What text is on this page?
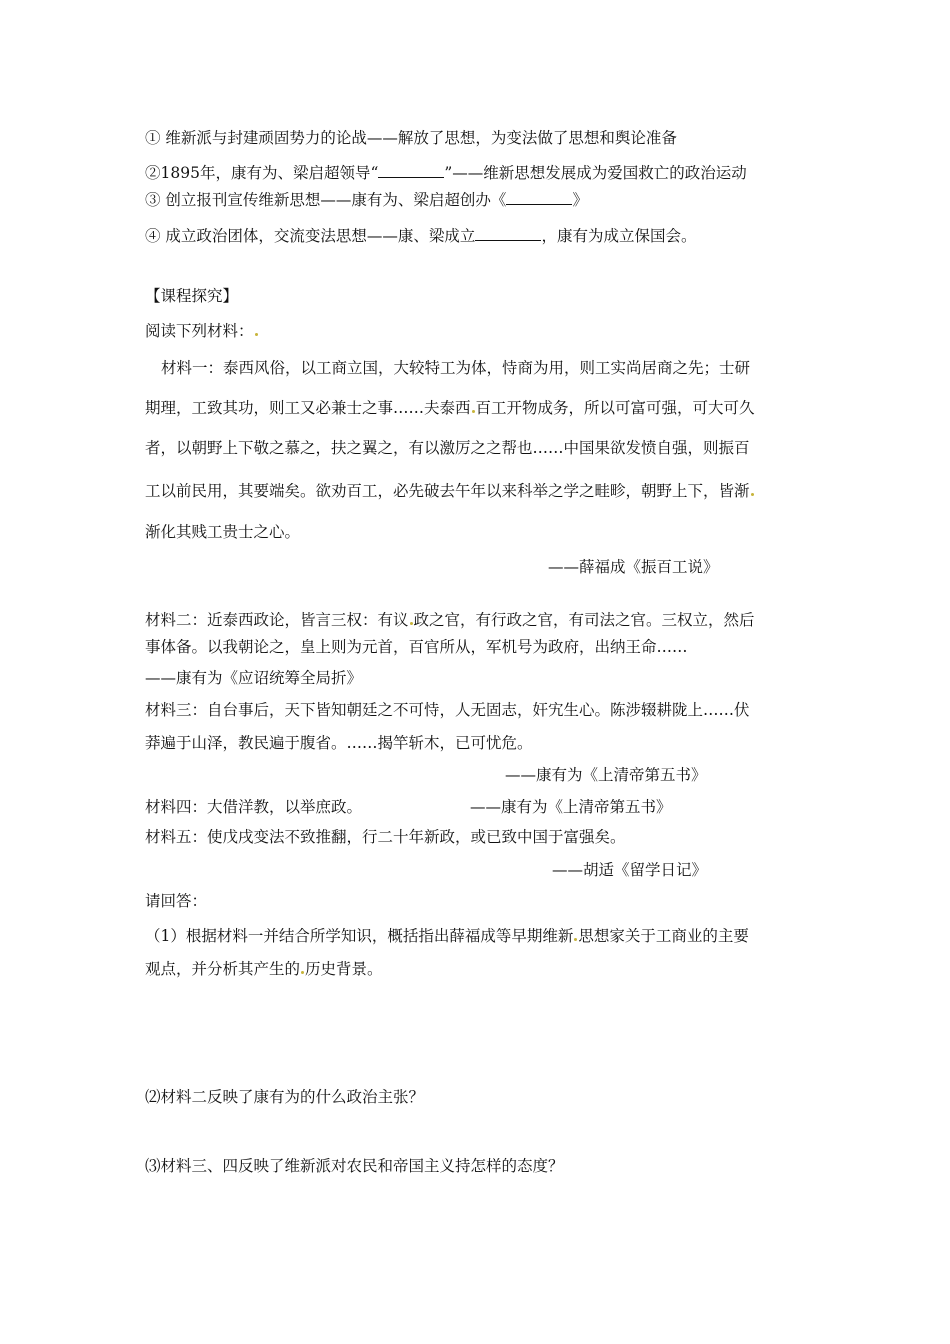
① 维新派与封建顽固势力的论战——解放了思想，为变法做了思想和舆论准备
②1895年，康有为、梁启超领导“	”——维新思想发展成为爱国救亡的政治运动
③ 创立报刊宣传维新思想——康有为、梁启超创办《	》
④ 成立政治团体，交流变法思想——康、梁成立	，康有为成立保国会。
【课程探究】
阅读下列材料：
材料一：泰西风俗，以工商立国，大较特工为体，恃商为用，则工实尚居商之先；士研
期理，工致其功，则工又必兼士之事……夫泰西 百工开物成务，所以可富可强，可大可久
者，以朝野上下敬之慕之，扶之翼之，有以激厉之之帮也……中国果欲发愤自强，则振百
工以前民用，其要端矣。欲劝百工，必先破去午年以来科举之学之畦畛，朝野上下，皆渐
渐化其贱工贵士之心。
——薛福成《振百工说》
材料二：近泰西政论，皆言三权：有议 政之官，有行政之官，有司法之官。三权立，然后
事体备。以我朝论之，皇上则为元首，百官所从，军机号为政府，出纳王命……
——康有为《应诏统筹全局折》
材料三：自台事后，天下皆知朝廷之不可恃，人无固志，奸宄生心。陈涉辍耕陇上……伏
莽遍于山泽，教民遍于腹省。……揭竿斩木，已可忧危。
——康有为《上清帝第五书》
材料四：大借洋教，以举庶政。	——康有为《上清帝第五书》
材料五：使戊戌变法不致推翻，行二十年新政，或已致中国于富强矣。
——胡适《留学日记》
请回答：
（1）根据材料一并结合所学知识，概括指出薛福成等早期维新 思想家关于工商业的主要
观点，并分析其产生的 历史背景。
⑵材料二反映了康有为的什么政治主张？
⑶材料三、四反映了维新派对农民和帝国主义持怎样的态度？
